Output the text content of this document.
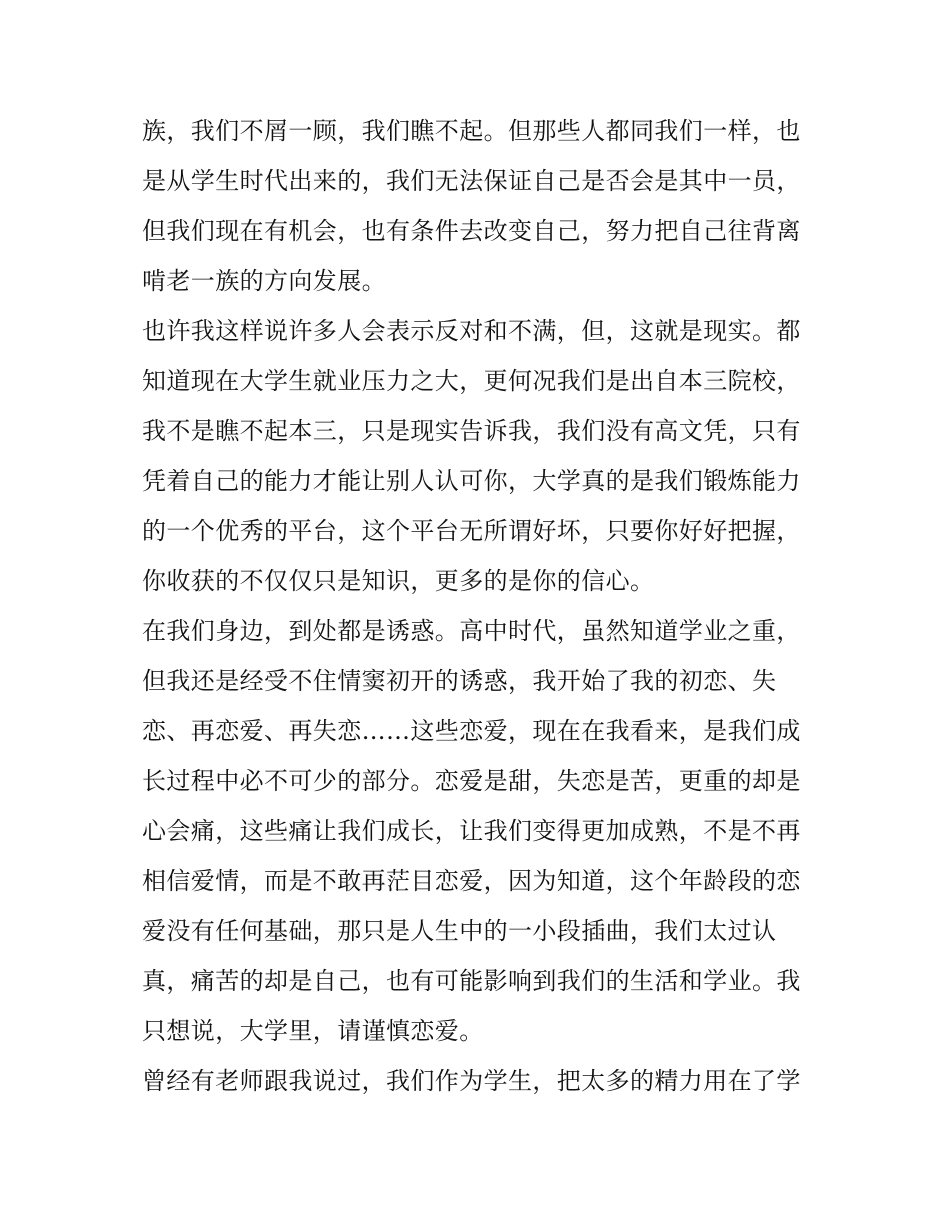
族，我们不屑一顾，我们瞧不起。但那些人都同我们一样，也
是从学生时代出来的，我们无法保证自己是否会是其中一员，
但我们现在有机会，也有条件去改变自己，努力把自己往背离
啃老一族的方向发展。
也许我这样说许多人会表示反对和不满，但，这就是现实。都
知道现在大学生就业压力之大，更何况我们是出自本三院校，
我不是瞧不起本三，只是现实告诉我，我们没有高文凭，只有
凭着自己的能力才能让别人认可你，大学真的是我们锻炼能力
的一个优秀的平台，这个平台无所谓好坏，只要你好好把握，
你收获的不仅仅只是知识，更多的是你的信心。
在我们身边，到处都是诱惑。高中时代，虽然知道学业之重，
但我还是经受不住情窦初开的诱惑，我开始了我的初恋、失
恋、再恋爱、再失恋……这些恋爱，现在在我看来，是我们成
长过程中必不可少的部分。恋爱是甜，失恋是苦，更重的却是
心会痛，这些痛让我们成长，让我们变得更加成熟，不是不再
相信爱情，而是不敢再茫目恋爱，因为知道，这个年龄段的恋
爱没有任何基础，那只是人生中的一小段插曲，我们太过认
真，痛苦的却是自己，也有可能影响到我们的生活和学业。我
只想说，大学里，请谨慎恋爱。
曾经有老师跟我说过，我们作为学生，把太多的精力用在了学
